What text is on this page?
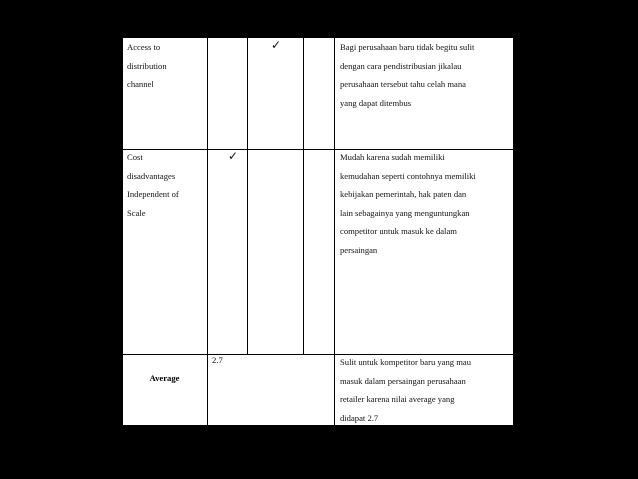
Access to
distribution
channel
✓	Bagi perusahaan baru tidak begitu sulit
dengan cara pendistribusian jikalau
perusahaan tersebut tahu celah mana
yang dapat ditembus
Cost
disadvantages
Independent of
Scale
✓	Mudah karena sudah memiliki
kemudahan seperti contohnya memiliki
kebijakan pemerintah, hak paten dan
lain sebagainya yang menguntungkan
competitor untuk masuk ke dalam
persaingan
2.7
Average
Sulit untuk kompetitor baru yang mau
masuk dalam persaingan perusahaan
retailer karena nilai average yang
didapat 2.7
